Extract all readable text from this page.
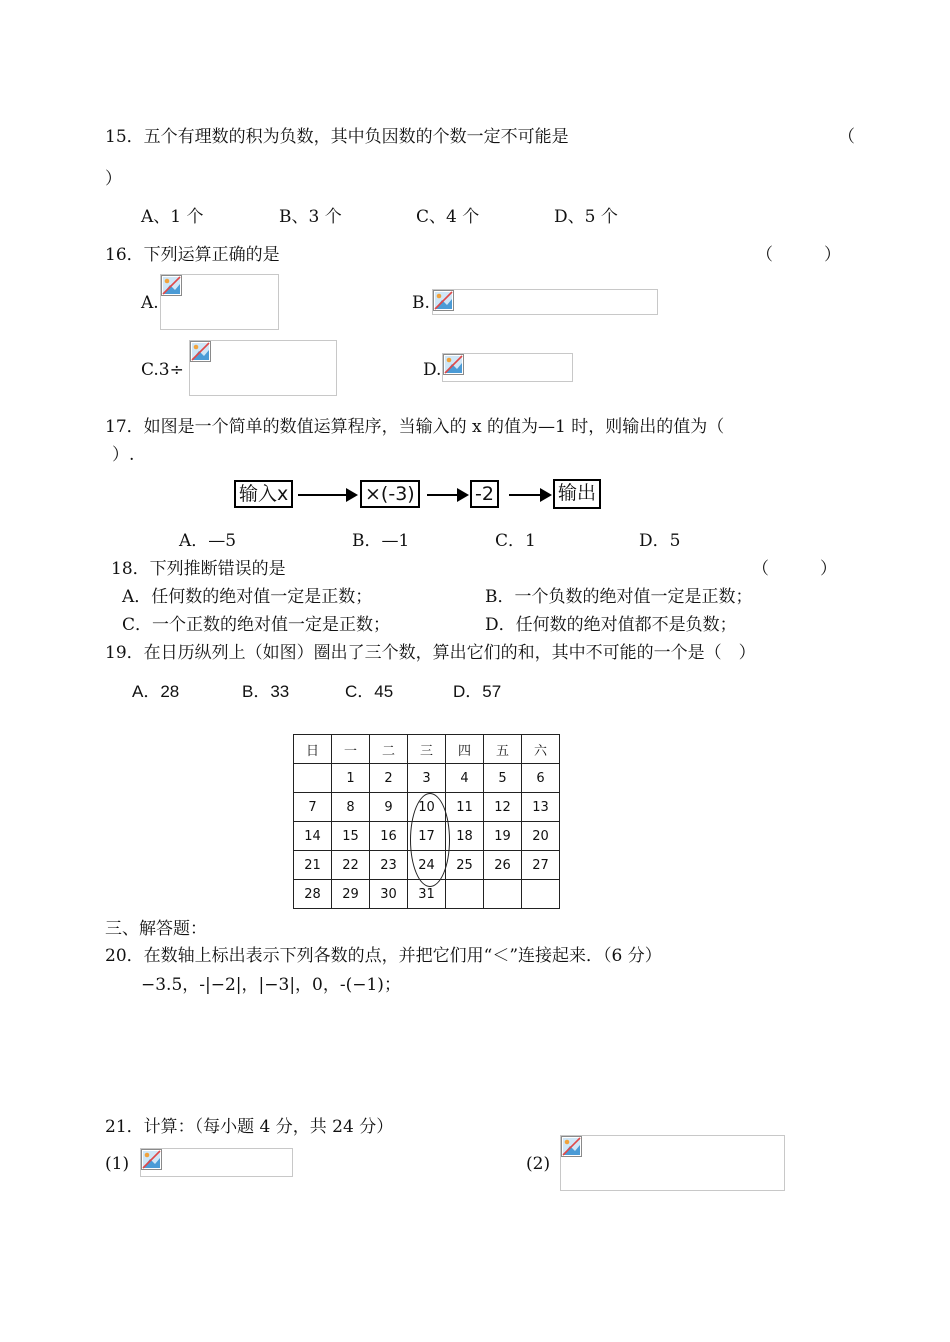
15．五个有理数的积为负数，其中负因数的个数一定不可能是	（
）
A、1 个	B、3 个	C、4 个	D、5 个
16．下列运算正确的是	（　　　）
A.	B.
C.3÷	D.
17．如图是一个简单的数值运算程序，当输入的 x 的值为—1 时，则输出的值为（
）.
输入x	×(-3)	-2	输出
A．—5	B．—1	C．1	D．5
18．下列推断错误的是	（　　　）
A．任何数的绝对值一定是正数；	B．一个负数的绝对值一定是正数；
C．一个正数的绝对值一定是正数；	D．任何数的绝对值都不是负数；
19．在日历纵列上（如图）圈出了三个数，算出它们的和，其中不可能的一个是（　）
A．28	B．33	C．45	D．57
日	一	二	三	四	五	六
	1	2	3	4	5	6
7	8	9	10	11	12	13
14	15	16	17	18	19	20
21	22	23	24	25	26	27
28	29	30	31			
三、解答题：
20．在数轴上标出表示下列各数的点，并把它们用“＜”连接起来．（6 分）
−3.5，-|−2|，|−3|，0，-(−1)；
21．计算：（每小题 4 分，共 24 分）
(1)	(2)
